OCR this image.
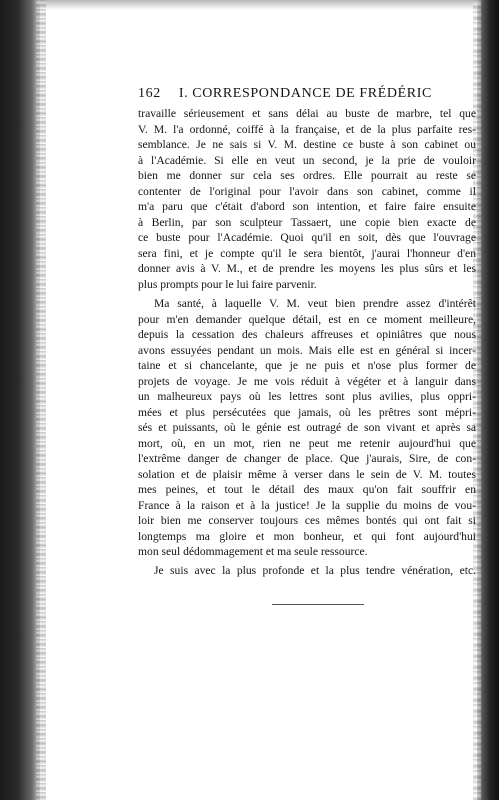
162 I. CORRESPONDANCE DE FRÉDÉRIC
travaille sérieusement et sans délai au buste de marbre, tel que
V. M. l'a ordonné, coiffé à la française, et de la plus parfaite res-
semblance. Je ne sais si V. M. destine ce buste à son cabinet ou
à l'Académie. Si elle en veut un second, je la prie de vouloir
bien me donner sur cela ses ordres. Elle pourrait au reste se
contenter de l'original pour l'avoir dans son cabinet, comme il
m'a paru que c'était d'abord son intention, et faire faire ensuite
à Berlin, par son sculpteur Tassaert, une copie bien exacte de
ce buste pour l'Académie. Quoi qu'il en soit, dès que l'ouvrage
sera fini, et je compte qu'il le sera bientôt, j'aurai l'honneur d'en
donner avis à V. M., et de prendre les moyens les plus sûrs et les
plus prompts pour le lui faire parvenir.
Ma santé, à laquelle V. M. veut bien prendre assez d'intérêt
pour m'en demander quelque détail, est en ce moment meilleure,
depuis la cessation des chaleurs affreuses et opiniâtres que nous
avons essuyées pendant un mois. Mais elle est en général si incer-
taine et si chancelante, que je ne puis et n'ose plus former de
projets de voyage. Je me vois réduit à végéter et à languir dans
un malheureux pays où les lettres sont plus avilies, plus oppri-
mées et plus persécutées que jamais, où les prêtres sont mépri-
sés et puissants, où le génie est outragé de son vivant et après sa
mort, où, en un mot, rien ne peut me retenir aujourd'hui que
l'extrême danger de changer de place. Que j'aurais, Sire, de con-
solation et de plaisir même à verser dans le sein de V. M. toutes
mes peines, et tout le détail des maux qu'on fait souffrir en
France à la raison et à la justice! Je la supplie du moins de vou-
loir bien me conserver toujours ces mêmes bontés qui ont fait si
longtemps ma gloire et mon bonheur, et qui font aujourd'hui
mon seul dédommagement et ma seule ressource.
Je suis avec la plus profonde et la plus tendre vénération, etc.
